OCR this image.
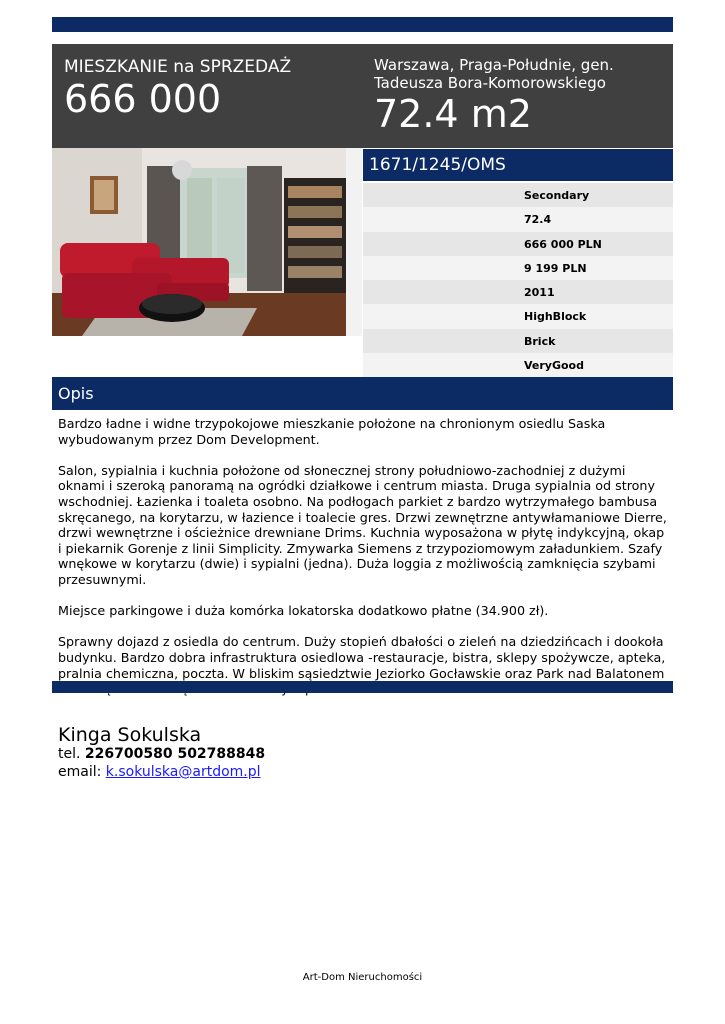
MIESZKANIE na SPRZEDAŻ
666 000
Warszawa, Praga-Południe, gen. Tadeusza Bora-Komorowskiego
72.4 m2
1671/1245/OMS
Secondary
72.4
666 000 PLN
9 199 PLN
2011
HighBlock
Brick
VeryGood
Opis

Bardzo ładne i widne trzypokojowe mieszkanie położone na chronionym osiedlu Saska wybudowanym przez Dom Development.

Salon, sypialnia i kuchnia położone od słonecznej strony południowo-zachodniej z dużymi oknami i szeroką panoramą na ogródki działkowe i centrum miasta. Druga sypialnia od strony wschodniej. Łazienka i toaleta osobno. Na podłogach parkiet z bardzo wytrzymałego bambusa skręcanego, na korytarzu, w łazience i toalecie gres. Drzwi zewnętrzne antywłamaniowe Dierre, drzwi wewnętrzne i ościeżnice drewniane Drims. Kuchnia wyposażona w płytę indykcyjną, okap i piekarnik Gorenje z linii Simplicity. Zmywarka Siemens z trzypoziomowym załadunkiem. Szafy wnękowe w korytarzu (dwie) i sypialni (jedna). Duża loggia z możliwością zamknięcia szybami przesuwnymi.

Miejsce parkingowe i duża komórka lokatorska dodatkowo płatne (34.900 zł).

Sprawny dojazd z osiedla do centrum. Duży stopień dbałości o zieleń na dziedzińcach i dookoła budynku. Bardzo dobra infrastruktura osiedlowa -restauracje, bistra, sklepy spożywcze, apteka, pralnia chemiczna, poczta. W bliskim sąsiedztwie Jeziorko Gocławskie oraz Park nad Balatonem

Kinga Sokulska
tel. 226700580 502788848
email: k.sokulska@artdom.pl
Art-Dom Nieruchomości
